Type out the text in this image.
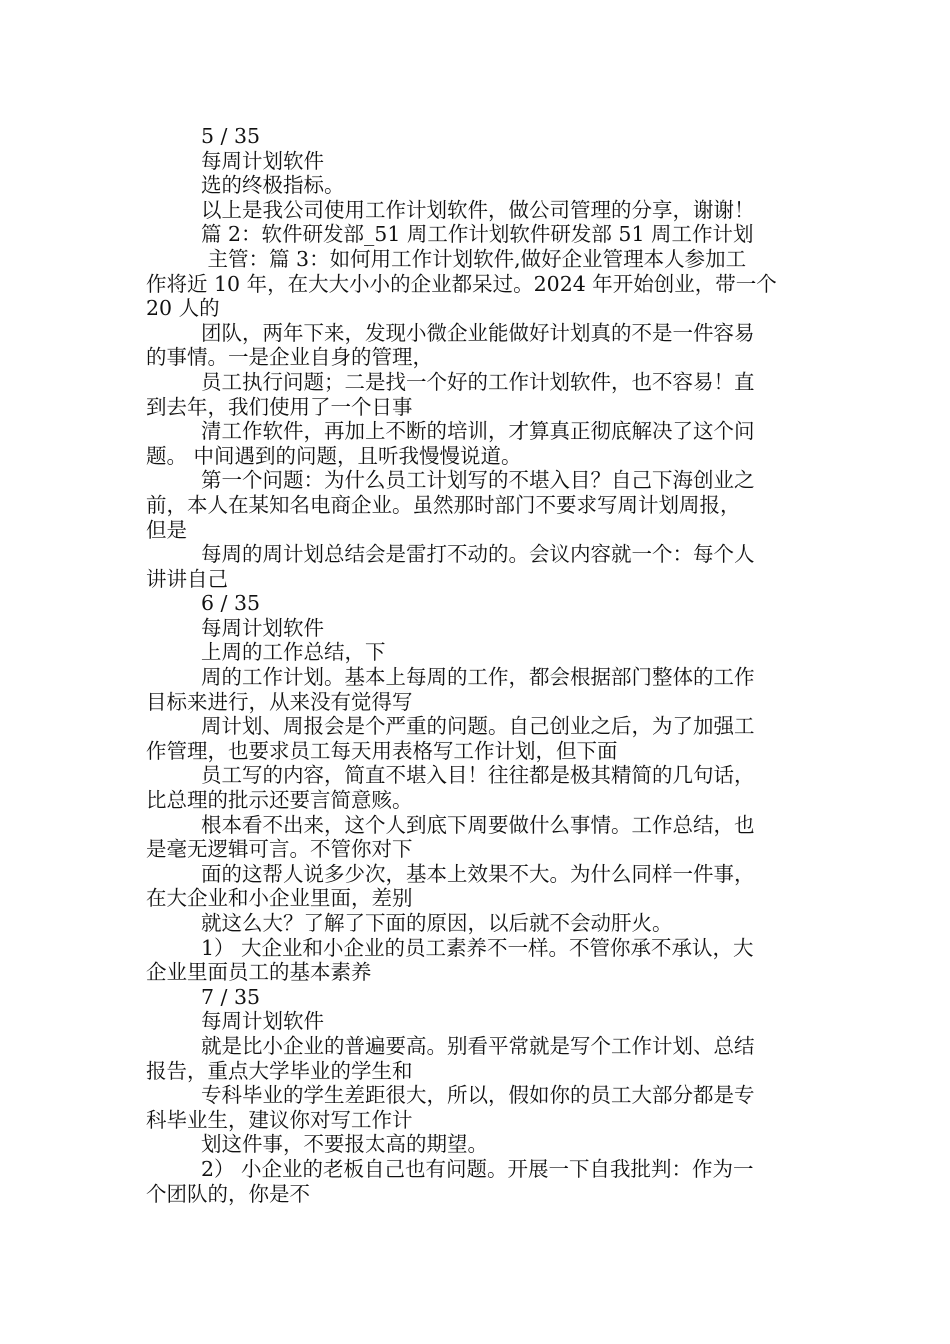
5 / 35
每周计划软件
选的终极指标。
以上是我公司使用工作计划软件，做公司管理的分享，谢谢！
篇 2：软件研发部_51 周工作计划软件研发部 51 周工作计划
主管：篇 3：如何用工作计划软件,做好企业管理本人参加工
作将近 10 年，在大大小小的企业都呆过。2024 年开始创业，带一个
20 人的
团队，两年下来，发现小微企业能做好计划真的不是一件容易
的事情。一是企业自身的管理，
员工执行问题；二是找一个好的工作计划软件，也不容易！直
到去年，我们使用了一个日事
清工作软件，再加上不断的培训，才算真正彻底解决了这个问
题。 中间遇到的问题，且听我慢慢说道。
第一个问题：为什么员工计划写的不堪入目？自己下海创业之
前，本人在某知名电商企业。虽然那时部门不要求写周计划周报，
但是
每周的周计划总结会是雷打不动的。会议内容就一个：每个人
讲讲自己
6 / 35
每周计划软件
上周的工作总结，下
周的工作计划。基本上每周的工作，都会根据部门整体的工作
目标来进行，从来没有觉得写
周计划、周报会是个严重的问题。自己创业之后，为了加强工
作管理，也要求员工每天用表格写工作计划，但下面
员工写的内容，简直不堪入目！往往都是极其精简的几句话，
比总理的批示还要言简意赅。
根本看不出来，这个人到底下周要做什么事情。工作总结，也
是毫无逻辑可言。不管你对下
面的这帮人说多少次，基本上效果不大。为什么同样一件事，
在大企业和小企业里面，差别
就这么大？了解了下面的原因，以后就不会动肝火。
1） 大企业和小企业的员工素养不一样。不管你承不承认，大
企业里面员工的基本素养
7 / 35
每周计划软件
就是比小企业的普遍要高。别看平常就是写个工作计划、总结
报告，重点大学毕业的学生和
专科毕业的学生差距很大，所以，假如你的员工大部分都是专
科毕业生，建议你对写工作计
划这件事，不要报太高的期望。
2） 小企业的老板自己也有问题。开展一下自我批判：作为一
个团队的，你是不
